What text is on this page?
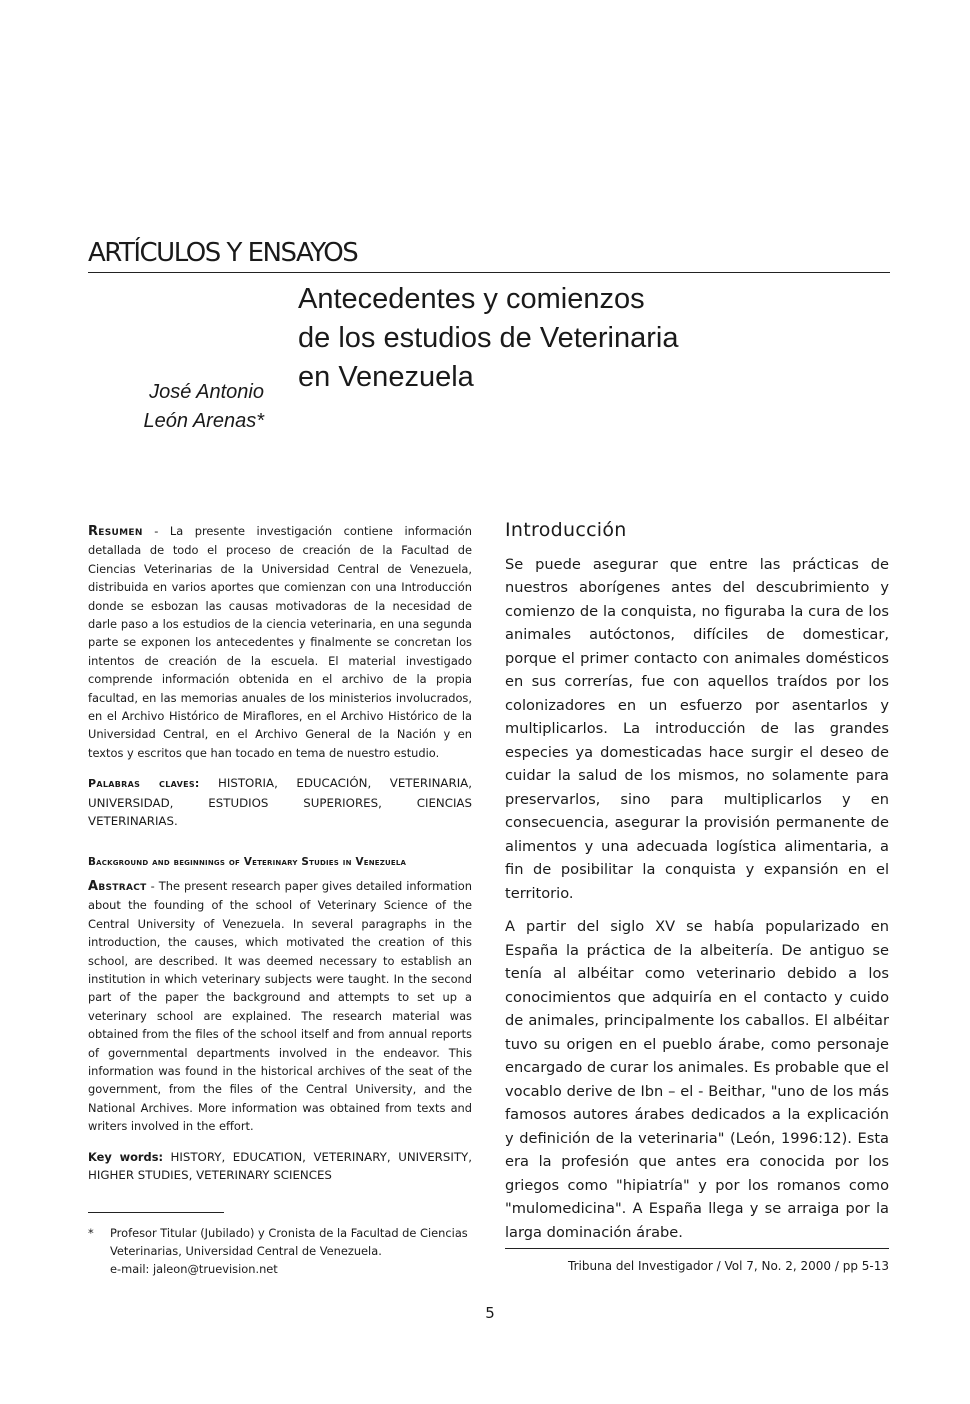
ARTÍCULOS Y ENSAYOS
Antecedentes y comienzos
de los estudios de Veterinaria
en Venezuela
José Antonio
León Arenas*

Resumen - La presente investigación contiene información detallada de todo el proceso de creación de la Facultad de Ciencias Veterinarias de la Universidad Central de Venezuela, distribuida en varios aportes que comienzan con una Introducción donde se esbozan las causas motivadoras de la necesidad de darle paso a los estudios de la ciencia veterinaria, en una segunda parte se exponen los antecedentes y finalmente se concretan los intentos de creación de la escuela. El material investigado comprende información obtenida en el archivo de la propia facultad, en las memorias anuales de los ministerios involucrados, en el Archivo Histórico de Miraflores, en el Archivo Histórico de la Universidad Central, en el Archivo General de la Nación y en textos y escritos que han tocado en tema de nuestro estudio.

Palabras claves: HISTORIA, EDUCACIÓN, VETERINARIA, UNIVERSIDAD, ESTUDIOS SUPERIORES, CIENCIAS VETERINARIAS.

Background and beginnings of Veterinary Studies in Venezuela

Abstract - The present research paper gives detailed information about the founding of the school of Veterinary Science of the Central University of Venezuela. In several paragraphs in the introduction, the causes, which motivated the creation of this school, are described. It was deemed necessary to establish an institution in which veterinary subjects were taught. In the second part of the paper the background and attempts to set up a veterinary school are explained. The research material was obtained from the files of the school itself and from annual reports of governmental departments involved in the endeavor. This information was found in the historical archives of the seat of the government, from the files of the Central University, and the National Archives. More information was obtained from texts and writers involved in the effort.

Key words: HISTORY, EDUCATION, VETERINARY, UNIVERSITY, HIGHER STUDIES, VETERINARY SCIENCES

Introducción

Se puede asegurar que entre las prácticas de nuestros aborígenes antes del descubrimiento y comienzo de la conquista, no figuraba la cura de los animales autóctonos, difíciles de domesticar, porque el primer contacto con animales domésticos en sus correrías, fue con aquellos traídos por los colonizadores en un esfuerzo por asentarlos y multiplicarlos. La introducción de las grandes especies ya domesticadas hace surgir el deseo de cuidar la salud de los mismos, no solamente para preservarlos, sino para multiplicarlos y en consecuencia, asegurar la provisión permanente de alimentos y una adecuada logística alimentaria, a fin de posibilitar la conquista y expansión en el territorio.

A partir del siglo XV se había popularizado en España la práctica de la albeitería. De antiguo se tenía al albéitar como veterinario debido a los conocimientos que adquiría en el contacto y cuido de animales, principalmente los caballos. El albéitar tuvo su origen en el pueblo árabe, como personaje encargado de curar los animales. Es probable que el vocablo derive de Ibn – el - Beithar, "uno de los más famosos autores árabes dedicados a la explicación y definición de la veterinaria" (León, 1996:12). Esta era la profesión que antes era conocida por los griegos como "hipiatría" y por los romanos como "mulomedicina". A España llega y se arraiga por la larga dominación árabe.

* Profesor Titular (Jubilado) y Cronista de la Facultad de Ciencias Veterinarias, Universidad Central de Venezuela.
e-mail: jaleon@truevision.net	Tribuna del Investigador / Vol 7, No. 2, 2000 / pp 5-13
5
